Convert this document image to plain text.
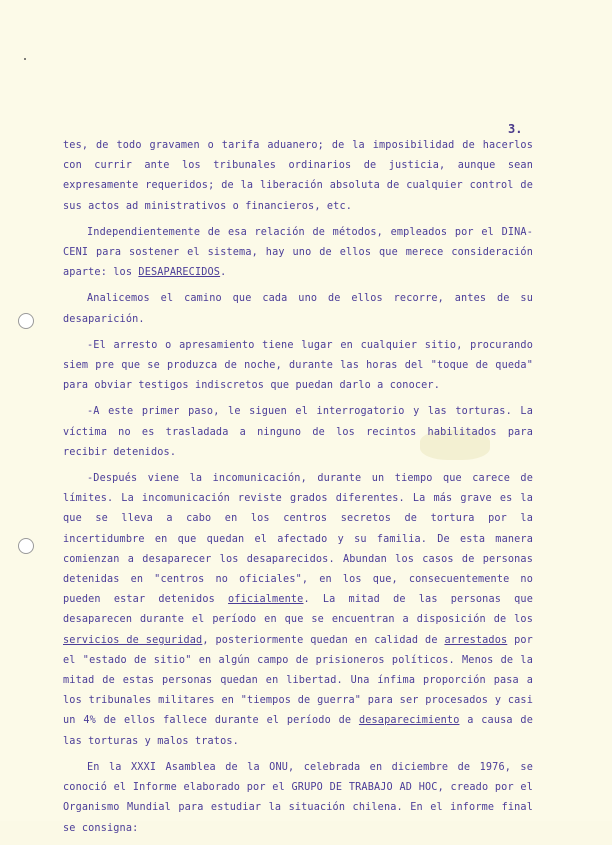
3.

tes, de todo gravamen o tarifa aduanero; de la imposibilidad de hacerlos con currir ante los tribunales ordinarios de justicia, aunque sean expresamente requeridos; de la liberación absoluta de cualquier control de sus actos ad ministrativos o financieros, etc.

Independientemente de esa relación de métodos, empleados por el DINA-CENI para sostener el sistema, hay uno de ellos que merece consideración aparte: los DESAPARECIDOS.

Analicemos el camino que cada uno de ellos recorre, antes de su desaparición.

-El arresto o apresamiento tiene lugar en cualquier sitio, procurando siem pre que se produzca de noche, durante las horas del "toque de queda" para obviar testigos indiscretos que puedan darlo a conocer.

-A este primer paso, le siguen el interrogatorio y las torturas. La víctima no es trasladada a ninguno de los recintos habilitados para recibir detenidos.

-Después viene la incomunicación, durante un tiempo que carece de límites. La incomunicación reviste grados diferentes. La más grave es la que se lleva a cabo en los centros secretos de tortura por la incertidumbre en que quedan el afectado y su familia. De esta manera comienzan a desaparecer los desaparecidos. Abundan los casos de personas detenidas en "centros no oficiales", en los que, consecuentemente no pueden estar detenidos oficialmente. La mitad de las personas que desaparecen durante el período en que se encuentran a disposición de los servicios de seguridad, posteriormente quedan en calidad de arrestados por el "estado de sitio" en algún campo de prisioneros políticos. Menos de la mitad de estas personas quedan en libertad. Una ínfima proporción pasa a los tribunales militares en "tiempos de guerra" para ser procesados y casi un 4% de ellos fallece durante el período de desaparecimiento a causa de las torturas y malos tratos.

En la XXXI Asamblea de la ONU, celebrada en diciembre de 1976, se conoció el Informe elaborado por el GRUPO DE TRABAJO AD HOC, creado por el Organismo Mundial para estudiar la situación chilena. En el informe final se consigna:
